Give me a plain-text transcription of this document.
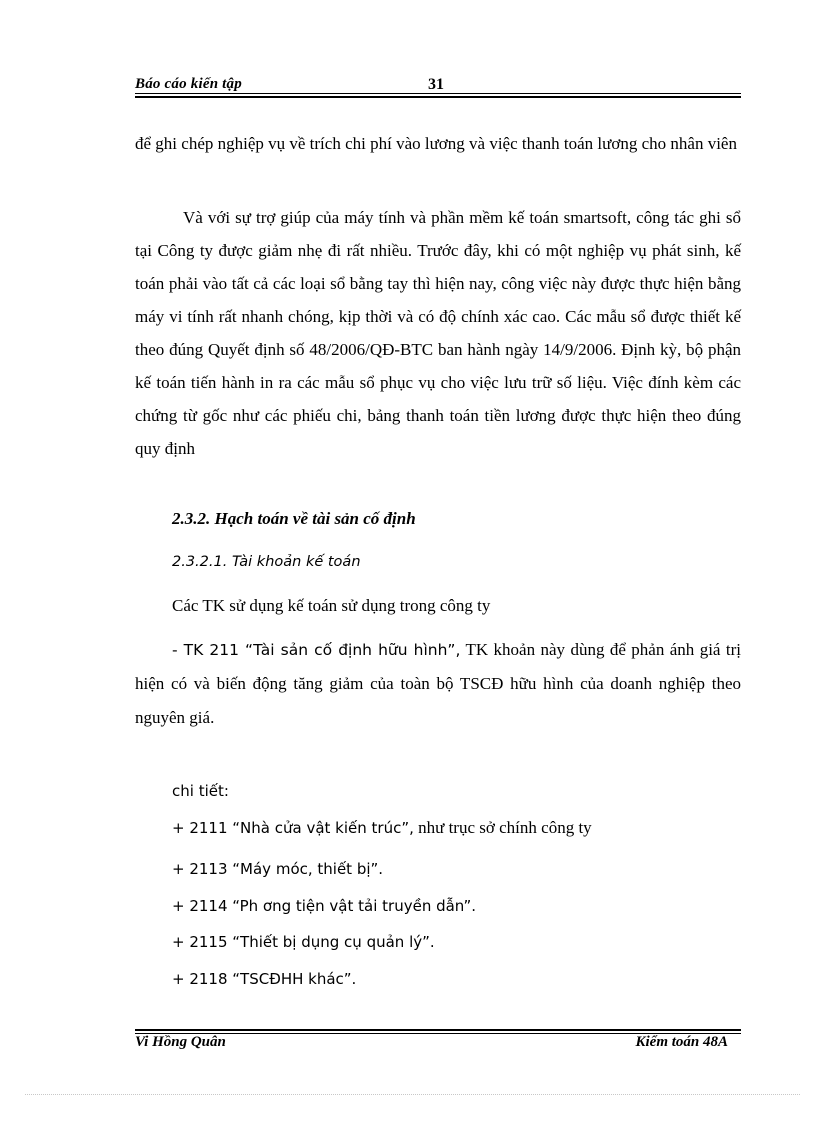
Báo cáo kiến tập	31
để ghi chép nghiệp vụ về trích chi phí vào lương và việc thanh toán lương cho nhân viên
Và với sự trợ giúp của máy tính và phần mềm kế toán smartsoft, công tác ghi sổ tại Công ty được giảm nhẹ đi rất nhiều. Trước đây, khi có một nghiệp vụ phát sinh, kế toán phải vào tất cả các loại sổ bằng tay thì hiện nay, công việc này được thực hiện bằng máy vi tính rất nhanh chóng, kịp thời và có độ chính xác cao. Các mẫu sổ được thiết kế theo đúng Quyết định số 48/2006/QĐ-BTC ban hành ngày 14/9/2006. Định kỳ, bộ phận kế toán tiến hành in ra các mẫu sổ phục vụ cho việc lưu trữ số liệu. Việc đính kèm các chứng từ gốc như các phiếu chi, bảng thanh toán tiền lương được thực hiện theo đúng quy định
2.3.2. Hạch toán về tài sản cố định
2.3.2.1. Tài khoản kế toán
Các TK sử dụng kế toán sử dụng trong công ty
- TK 211 “Tài sản cố định hữu hình”, TK khoản này dùng để phản ánh giá trị hiện có và biến động tăng giảm của toàn bộ TSCĐ hữu hình của doanh nghiệp theo nguyên giá.
chi tiết:
+ 2111 “Nhà cửa vật kiến trúc”, như trục sở chính công ty
+ 2113 “Máy móc, thiết bị”.
+ 2114 “Ph ơng tiện vật tải truyền dẫn”.
+ 2115 “Thiết bị dụng cụ quản lý”.
+ 2118 “TSCĐHH khác”.
Vi Hồng Quân	Kiểm toán 48A
